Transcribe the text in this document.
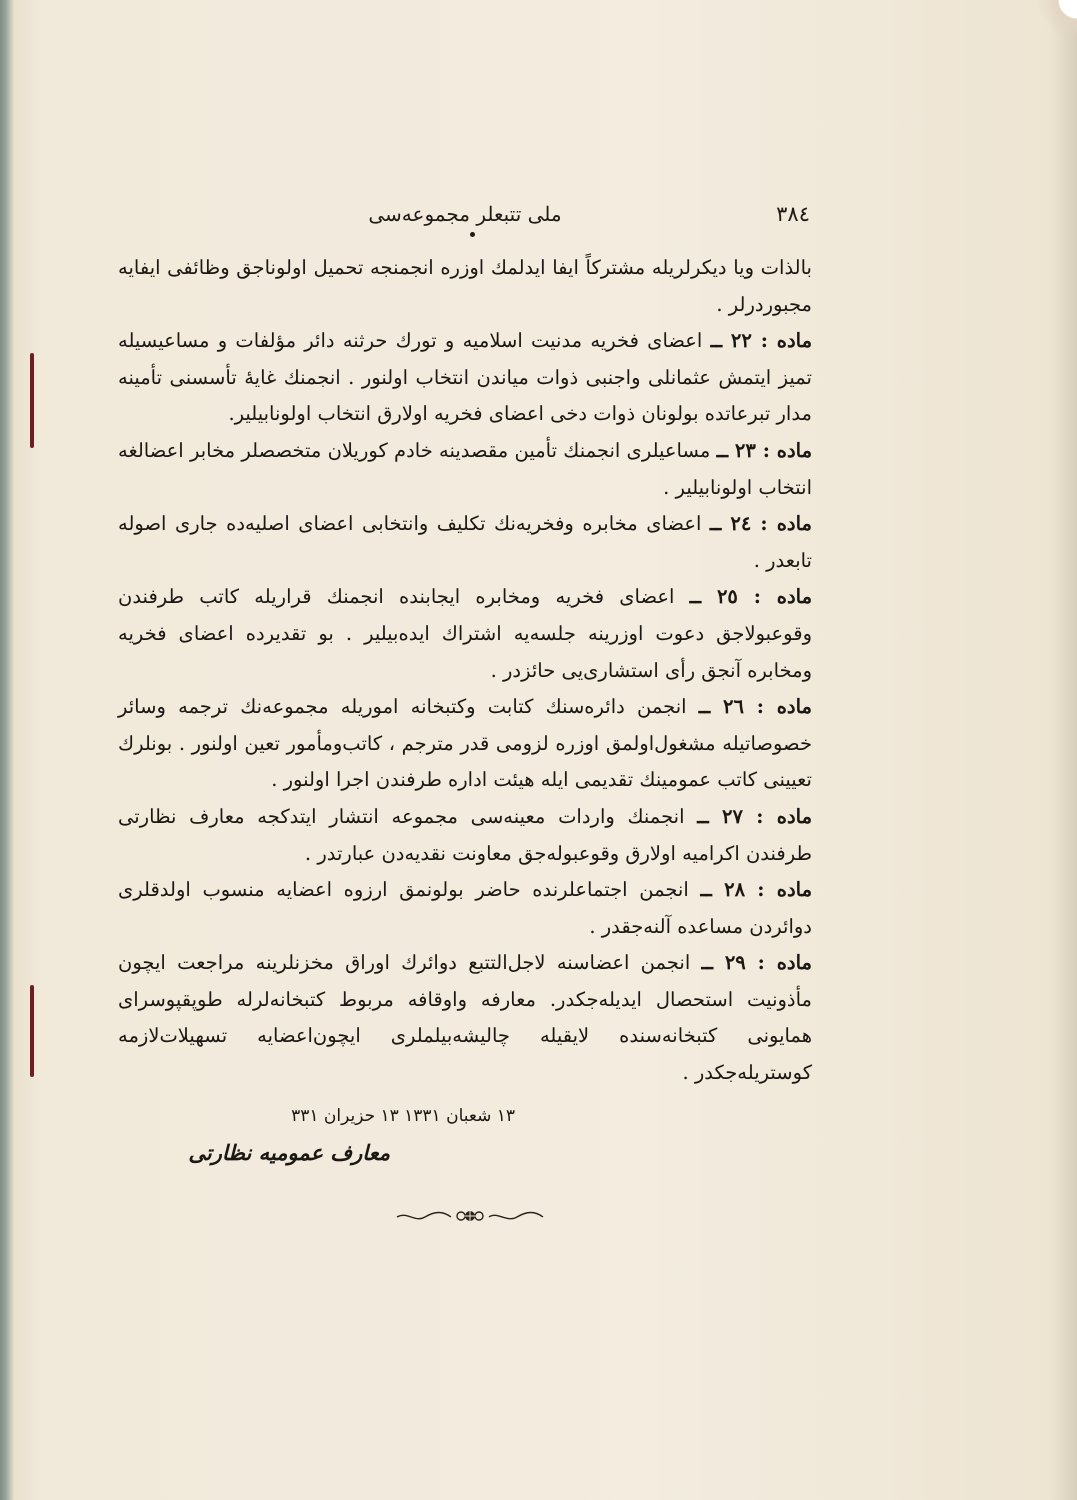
٣٨٤
ملی تتبعلر مجموعه‌سی

بالذات ویا دیکرلریله مشترکاً ایفا ایدلمك اوزره انجمنجه تحمیل اولوناجق وظائفی ایفایه مجبوردرلر .

ماده : ٢٢ ــ اعضای فخریه مدنیت اسلامیه و تورك حرثنه دائر مؤلفات و مساعیسیله تمیز ایتمش عثمانلی واجنبی ذوات میاندن انتخاب اولنور . انجمنك غایۀ تأسسنی تأمینه مدار تبرعاتده بولونان ذوات دخی اعضای فخریه اولارق انتخاب اولونابیلیر.

ماده : ٢٣ ــ مساعیلری انجمنك تأمین مقصدینه خادم کوریلان متخصصلر مخابر اعضالغه انتخاب اولونابیلیر .

ماده : ٢٤ ــ اعضای مخابره وفخریه‌نك تکلیف وانتخابی اعضای اصلیه‌ده جاری اصوله تابعدر .

ماده : ٢٥ ــ اعضای فخریه ومخابره ایجابنده انجمنك قراریله کاتب طرفندن وقوعبولاجق دعوت اوزرینه جلسه‌یه اشتراك ایده‌بیلیر . بو تقدیرده اعضای فخریه ومخابره آنجق رأی استشاری‌یی حائزدر .

ماده : ٢٦ ــ انجمن دائره‌سنك کتابت وکتبخانه اموریله مجموعه‌نك ترجمه وسائر خصوصاتیله مشغول‌اولمق اوزره لزومی قدر مترجم ، کاتب‌ومأمور تعین اولنور . بونلرك تعیینی کاتب عمومینك تقدیمی ایله هیئت اداره طرفندن اجرا اولنور .

ماده : ٢٧ ــ انجمنك واردات معینه‌سی مجموعه انتشار ایتدکجه معارف نظارتی طرفندن اکرامیه اولارق وقوعبوله‌جق معاونت نقدیه‌دن عبارتدر .

ماده : ٢٨ ــ انجمن اجتماعلرنده حاضر بولونمق ارزوه اعضایه منسوب اولدقلری دوائردن مساعده آلنه‌جقدر .

ماده : ٢٩ ــ انجمن اعضاسنه لاجل‌التتبع دوائرك اوراق مخزنلرینه مراجعت ایچون مأذونیت استحصال ایدیله‌جکدر. معارفه واوقافه مربوط کتبخانه‌لرله طوپقپوسرای همایونی کتبخانه‌سنده لایقیله چالیشه‌بیلملری ایچون‌اعضایه تسهیلات‌لازمه کوستریله‌جکدر .

١٣ شعبان ١٣٣١ ١٣ حزیران ٣٣١
معارف عمومیه نظارتی
